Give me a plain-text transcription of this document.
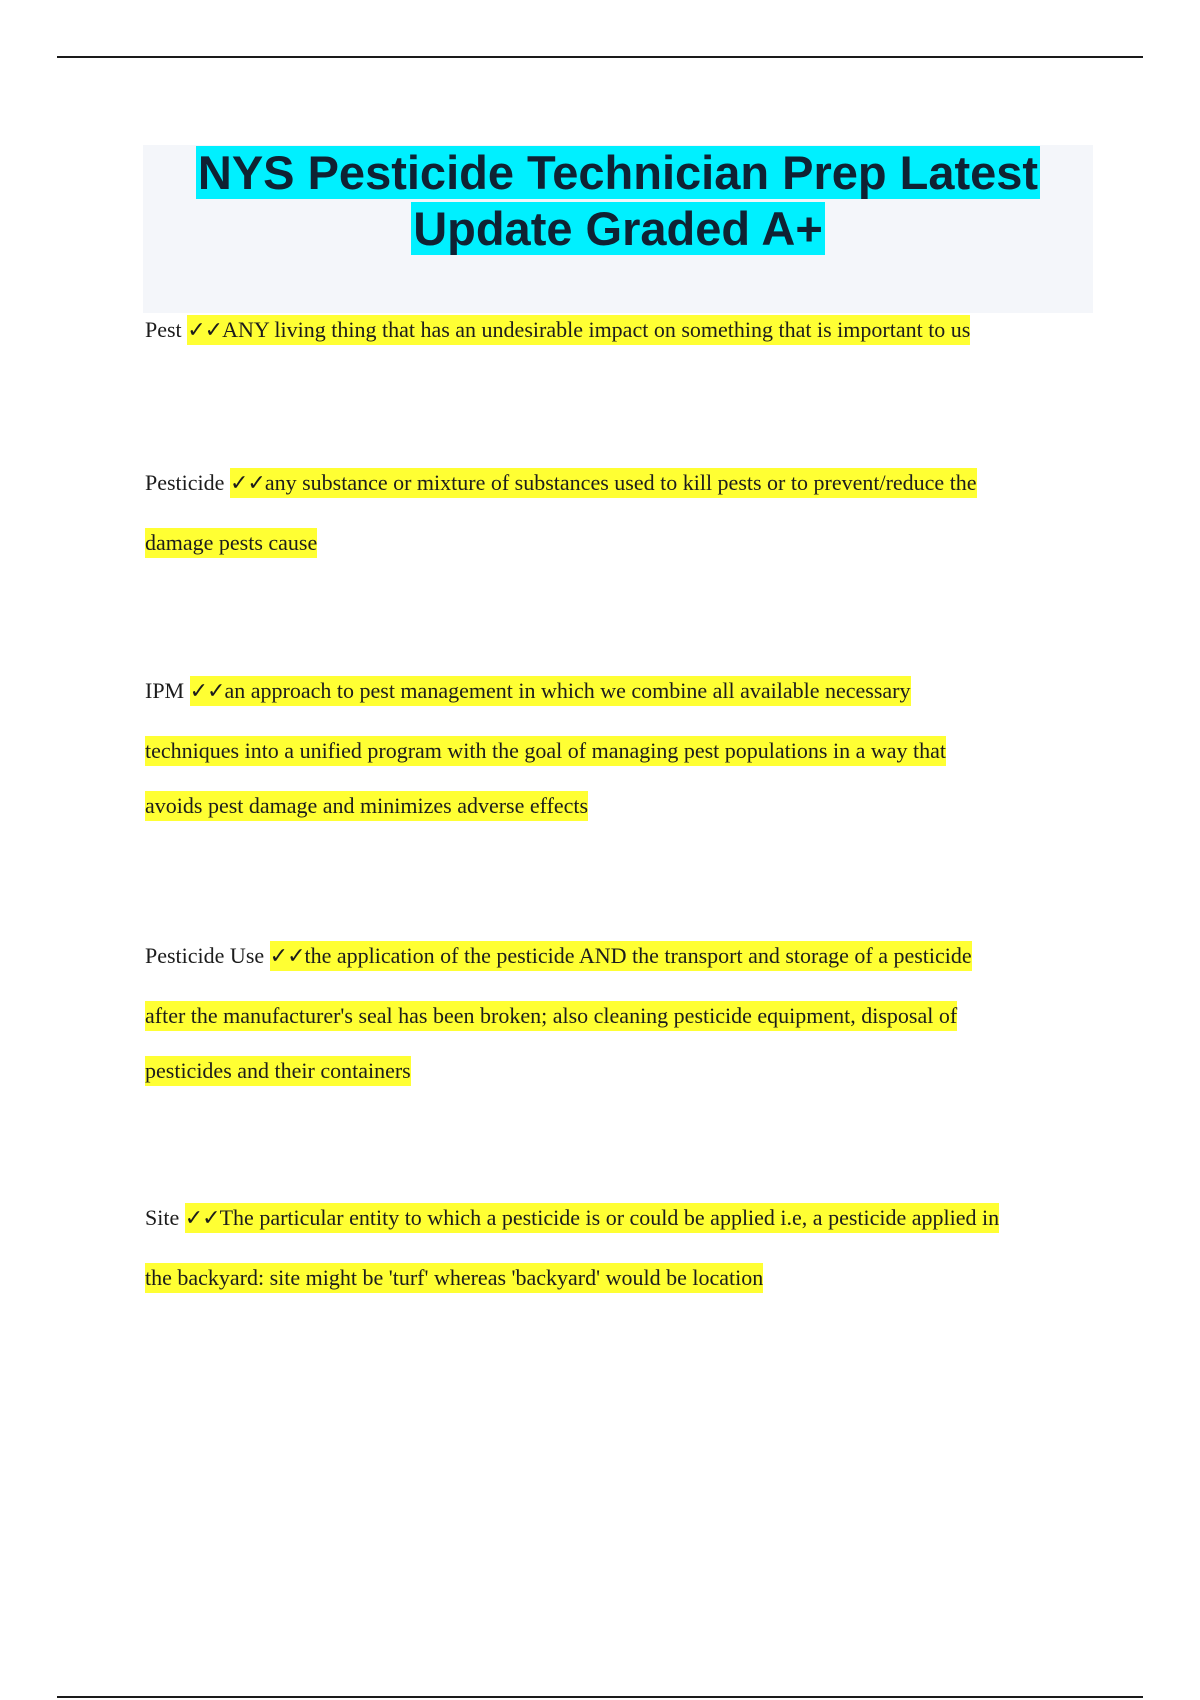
NYS Pesticide Technician Prep Latest
Update Graded A+
Pest ✓✓ANY living thing that has an undesirable impact on something that is important to us
Pesticide ✓✓any substance or mixture of substances used to kill pests or to prevent/reduce the
damage pests cause
IPM ✓✓an approach to pest management in which we combine all available necessary
techniques into a unified program with the goal of managing pest populations in a way that
avoids pest damage and minimizes adverse effects
Pesticide Use ✓✓the application of the pesticide AND the transport and storage of a pesticide
after the manufacturer's seal has been broken; also cleaning pesticide equipment, disposal of
pesticides and their containers
Site ✓✓The particular entity to which a pesticide is or could be applied i.e, a pesticide applied in
the backyard: site might be 'turf' whereas 'backyard' would be location
